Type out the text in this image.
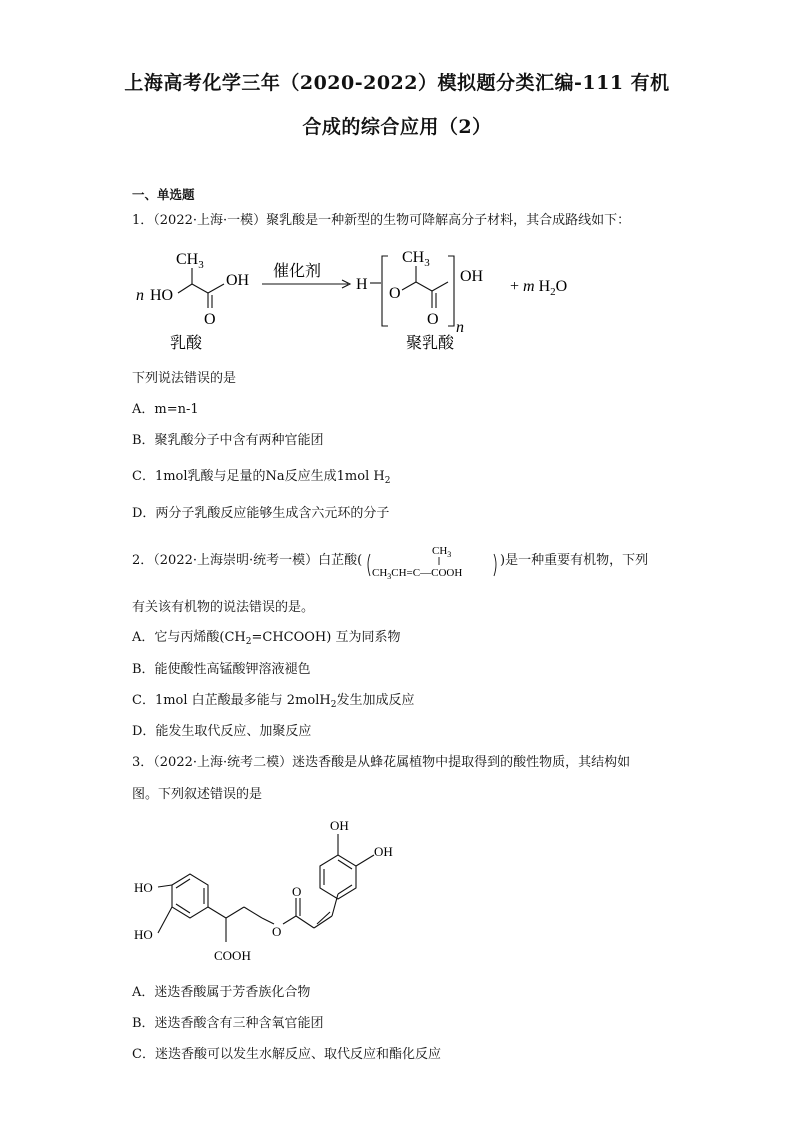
上海高考化学三年（2020-2022）模拟题分类汇编-111 有机
合成的综合应用（2）
一、单选题
1．（2022·上海·一模）聚乳酸是一种新型的生物可降解高分子材料，其合成路线如下：
n HO
$CH_3$
OH
O
催化剂
H
O
$CH_3$
O n
OH
+ m $H_2O$
乳酸	聚乳酸
下列说法错误的是
A．m=n-1
B．聚乳酸分子中含有两种官能团
C．1mol乳酸与足量的Na反应生成1mol $H_2$
D．两分子乳酸反应能够生成含六元环的分子
2．（2022·上海崇明·统考一模）白芷酸(
$CH_3$
$CH_3CH=C—COOH$
)是一种重要有机物，下列
有关该有机物的说法错误的是。
A．它与丙烯酸$(CH_2=CHCOOH)$ 互为同系物
B．能使酸性高锰酸钾溶液褪色
C．1mol 白芷酸最多能与 2molH$_2$发生加成反应
D．能发生取代反应、加聚反应
3．（2022·上海·统考二模）迷迭香酸是从蜂花属植物中提取得到的酸性物质，其结构如
图。下列叙述错误的是
OH
OH
HO
HO
COOH
O
O
A．迷迭香酸属于芳香族化合物
B．迷迭香酸含有三种含氧官能团
C．迷迭香酸可以发生水解反应、取代反应和酯化反应
